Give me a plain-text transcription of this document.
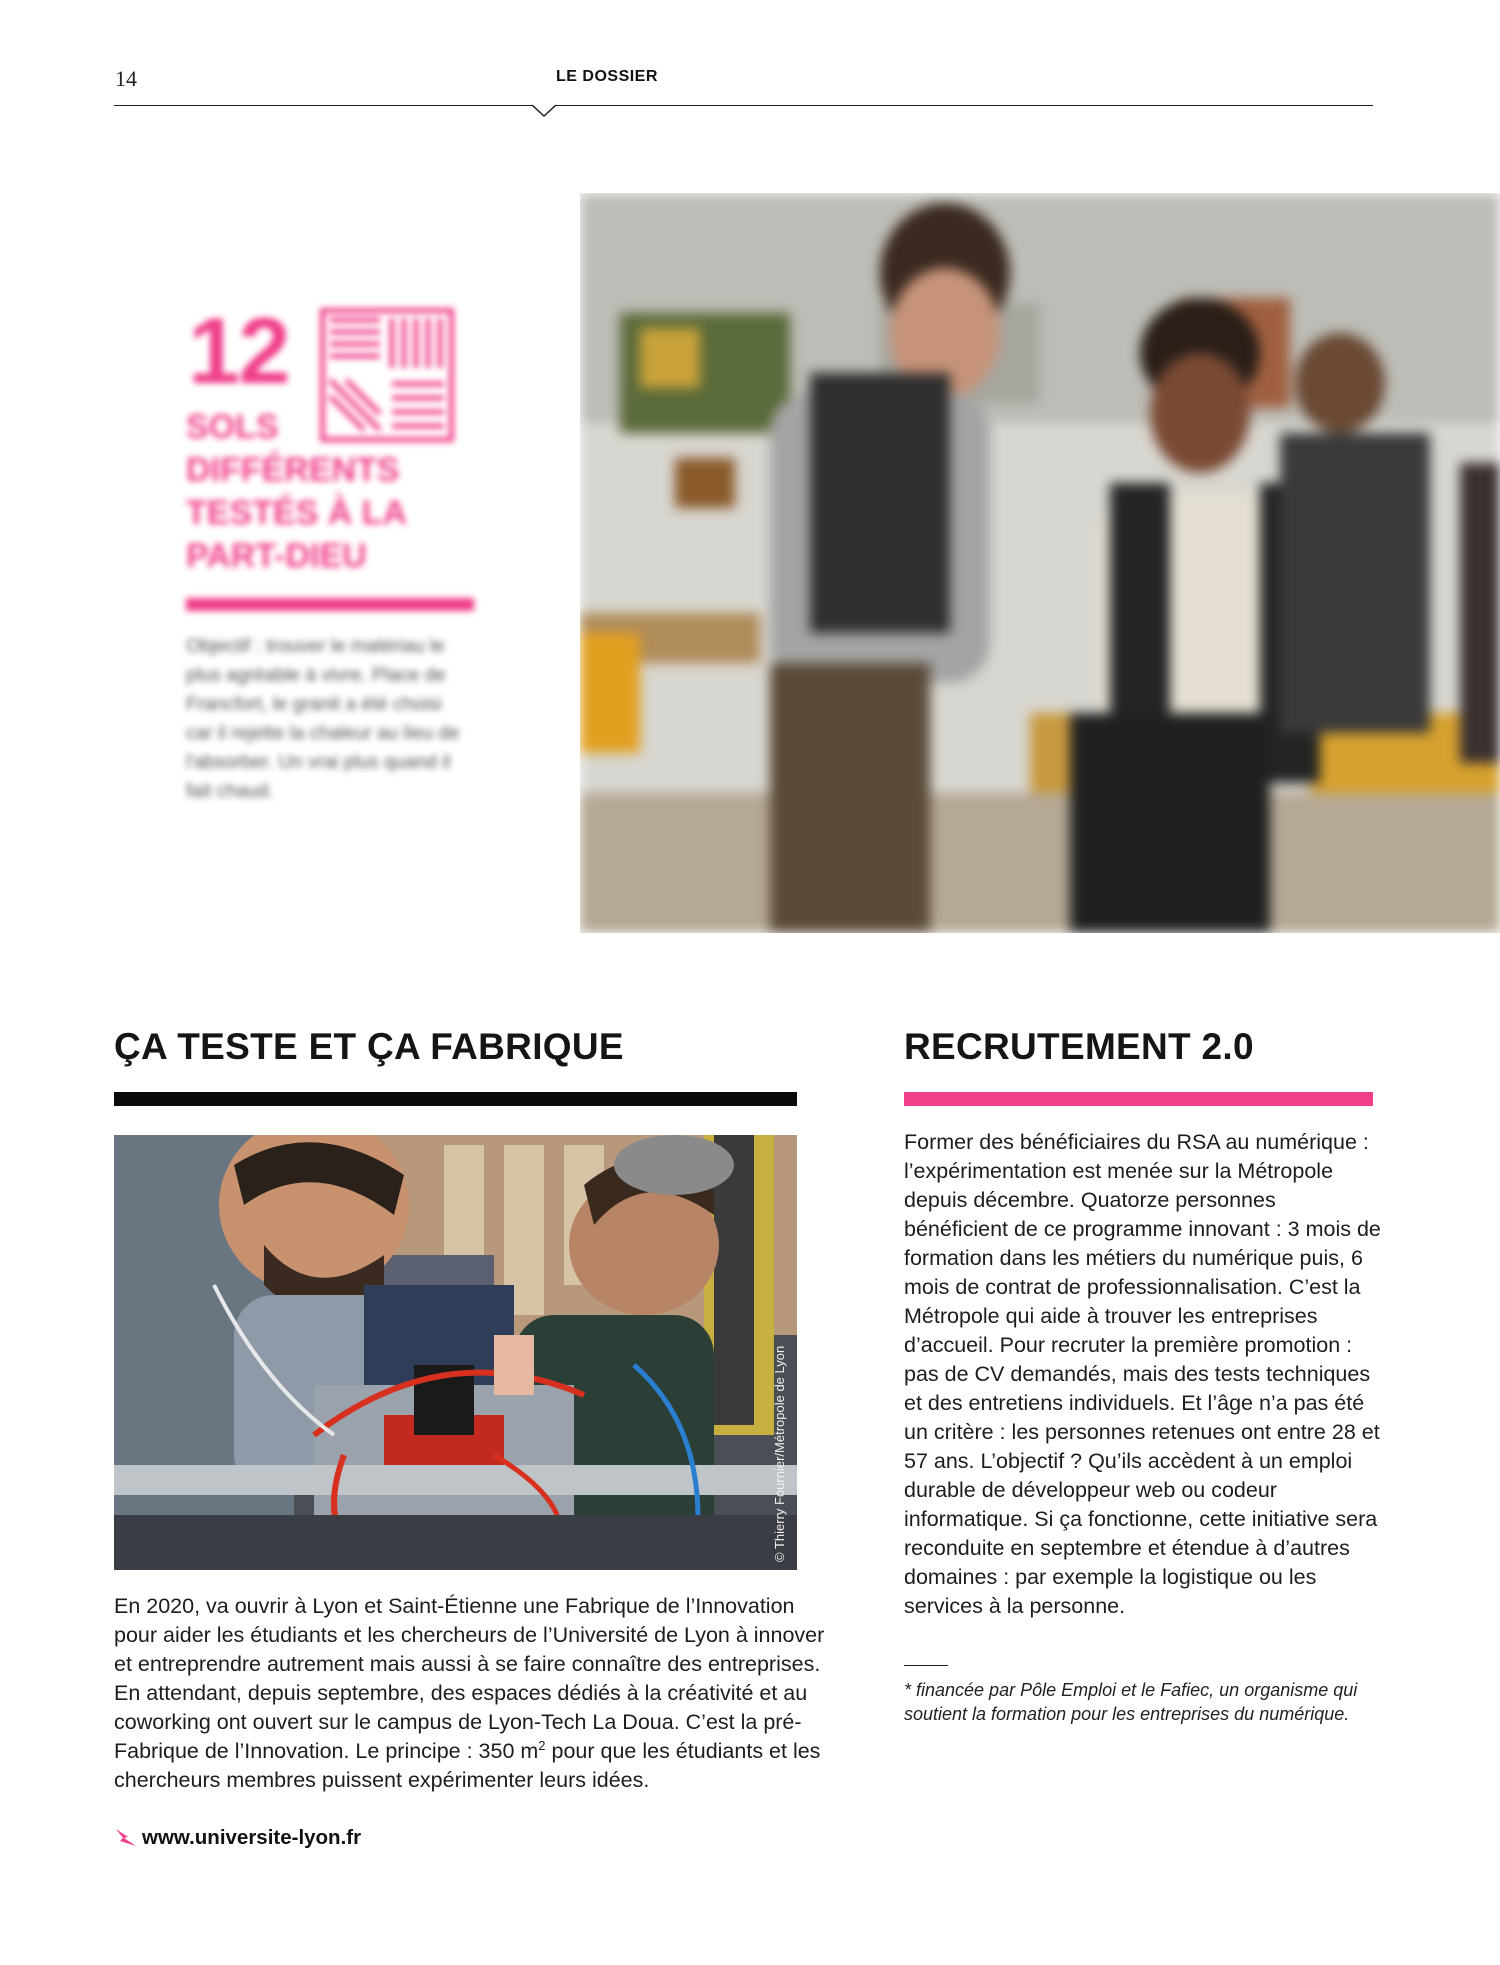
14	LE DOSSIER
12
SOLS DIFFÉRENTS TESTÉS À LA PART-DIEU
Objectif : trouver le matériau le plus agréable à vivre. Place de Francfort, le granit a été choisi car il rejette la chaleur au lieu de l'absorber. Un vrai plus quand il fait chaud.
ÇA TESTE ET ÇA FABRIQUE
© Thierry Fournier/Métropole de Lyon
En 2020, va ouvrir à Lyon et Saint-Étienne une Fabrique de l’Innovation pour aider les étudiants et les chercheurs de l’Université de Lyon à innover et entreprendre autrement mais aussi à se faire connaître des entreprises. En attendant, depuis septembre, des espaces dédiés à la créativité et au coworking ont ouvert sur le campus de Lyon-Tech La Doua. C’est la pré-Fabrique de l’Innovation. Le principe : 350 $m^2$ pour que les étudiants et les chercheurs membres puissent expérimenter leurs idées.
www.universite-lyon.fr
RECRUTEMENT 2.0
Former des bénéficiaires du RSA au numérique : l’expérimentation est menée sur la Métropole depuis décembre. Quatorze personnes bénéficient de ce programme innovant : 3 mois de formation dans les métiers du numérique puis, 6 mois de contrat de professionnalisation. C’est la Métropole qui aide à trouver les entreprises d’accueil. Pour recruter la première promotion : pas de CV demandés, mais des tests techniques et des entretiens individuels. Et l’âge n’a pas été un critère : les personnes retenues ont entre 28 et 57 ans. L’objectif ? Qu’ils accèdent à un emploi durable de développeur web ou codeur informatique. Si ça fonctionne, cette initiative sera reconduite en septembre et étendue à d’autres domaines : par exemple la logistique ou les services à la personne.
* financée par Pôle Emploi et le Fafiec, un organisme qui soutient la formation pour les entreprises du numérique.
